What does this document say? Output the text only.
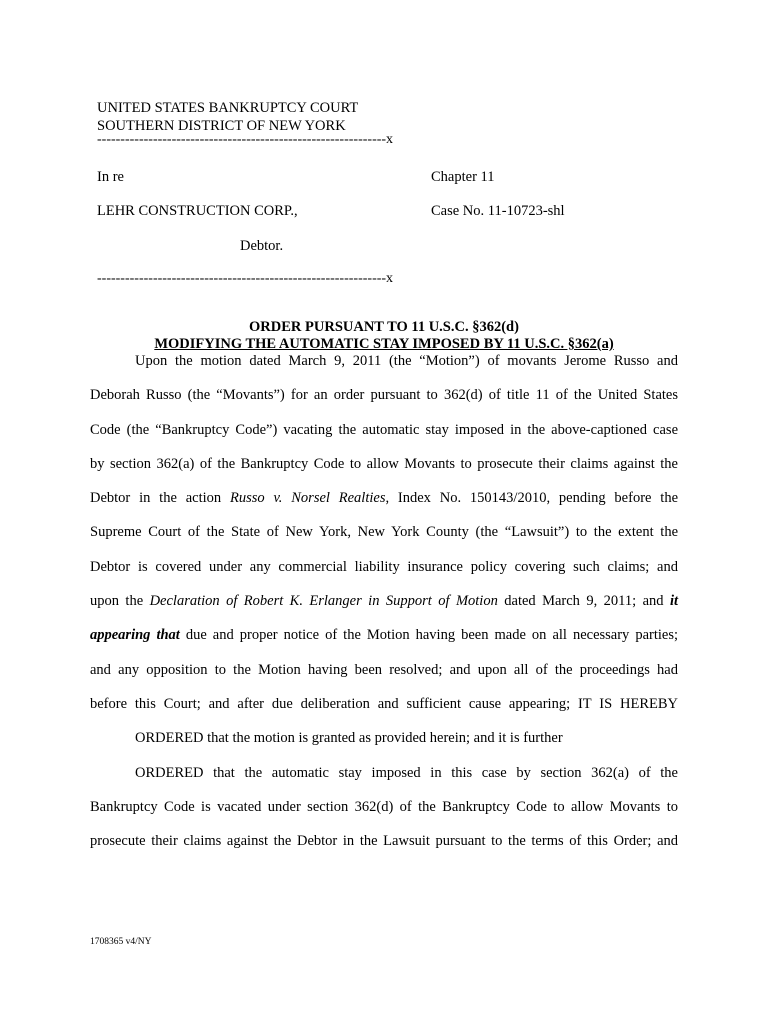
UNITED STATES BANKRUPTCY COURT
SOUTHERN DISTRICT OF NEW YORK
--------------------------------------------------------------x
In re	Chapter 11
LEHR CONSTRUCTION CORP.,	Case No. 11-10723-shl
Debtor.
--------------------------------------------------------------x
ORDER PURSUANT TO 11 U.S.C. §362(d)
MODIFYING THE AUTOMATIC STAY IMPOSED BY 11 U.S.C. §362(a)
Upon the motion dated March 9, 2011 (the “Motion”) of movants Jerome Russo and
Deborah Russo (the “Movants”) for an order pursuant to 362(d) of title 11 of the United States
Code (the “Bankruptcy Code”) vacating the automatic stay imposed in the above-captioned case
by section 362(a) of the Bankruptcy Code to allow Movants to prosecute their claims against the
Debtor in the action Russo v. Norsel Realties, Index No. 150143/2010, pending before the
Supreme Court of the State of New York, New York County (the “Lawsuit”) to the extent the
Debtor is covered under any commercial liability insurance policy covering such claims; and
upon the Declaration of Robert K. Erlanger in Support of Motion dated March 9, 2011; and it
appearing that due and proper notice of the Motion having been made on all necessary parties;
and any opposition to the Motion having been resolved; and upon all of the proceedings had
before this Court; and after due deliberation and sufficient cause appearing; IT IS HEREBY
ORDERED that the motion is granted as provided herein; and it is further
ORDERED that the automatic stay imposed in this case by section 362(a) of the
Bankruptcy Code is vacated under section 362(d) of the Bankruptcy Code to allow Movants to
prosecute their claims against the Debtor in the Lawsuit pursuant to the terms of this Order; and
1708365 v4/NY
